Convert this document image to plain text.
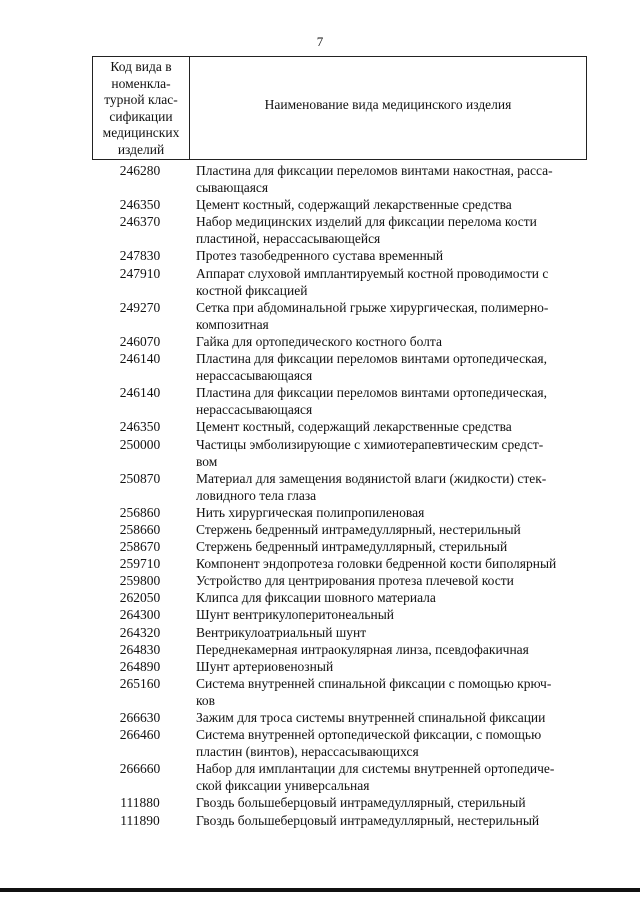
7
Код вида в
номенкла-
турной клас-
сификации
медицинских
изделий
Наименование вида медицинского изделия
246280	Пластина для фиксации переломов винтами накостная, расса-
сывающаяся
246350	Цемент костный, содержащий лекарственные средства
246370	Набор медицинских изделий для фиксации перелома кости
пластиной, нерассасывающейся
247830	Протез тазобедренного сустава временный
247910	Аппарат слуховой имплантируемый костной проводимости с
костной фиксацией
249270	Сетка при абдоминальной грыже хирургическая, полимерно-
композитная
246070	Гайка для ортопедического костного болта
246140	Пластина для фиксации переломов винтами ортопедическая,
нерассасывающаяся
246140	Пластина для фиксации переломов винтами ортопедическая,
нерассасывающаяся
246350	Цемент костный, содержащий лекарственные средства
250000	Частицы эмболизирующие с химиотерапевтическим средст-
вом
250870	Материал для замещения водянистой влаги (жидкости) стек-
ловидного тела глаза
256860	Нить хирургическая полипропиленовая
258660	Стержень бедренный интрамедуллярный, нестерильный
258670	Стержень бедренный интрамедуллярный, стерильный
259710	Компонент эндопротеза головки бедренной кости биполярный
259800	Устройство для центрирования протеза плечевой кости
262050	Клипса для фиксации шовного материала
264300	Шунт вентрикулоперитонеальный
264320	Вентрикулоатриальный шунт
264830	Переднекамерная интраокулярная линза, псевдофакичная
264890	Шунт артериовенозный
265160	Система внутренней спинальной фиксации с помощью крюч-
ков
266630	Зажим для троса системы внутренней спинальной фиксации
266460	Система внутренней ортопедической фиксации, с помощью
пластин (винтов), нерассасывающихся
266660	Набор для имплантации для системы внутренней ортопедиче-
ской фиксации универсальная
111880	Гвоздь большеберцовый интрамедуллярный, стерильный
111890	Гвоздь большеберцовый интрамедуллярный, нестерильный
